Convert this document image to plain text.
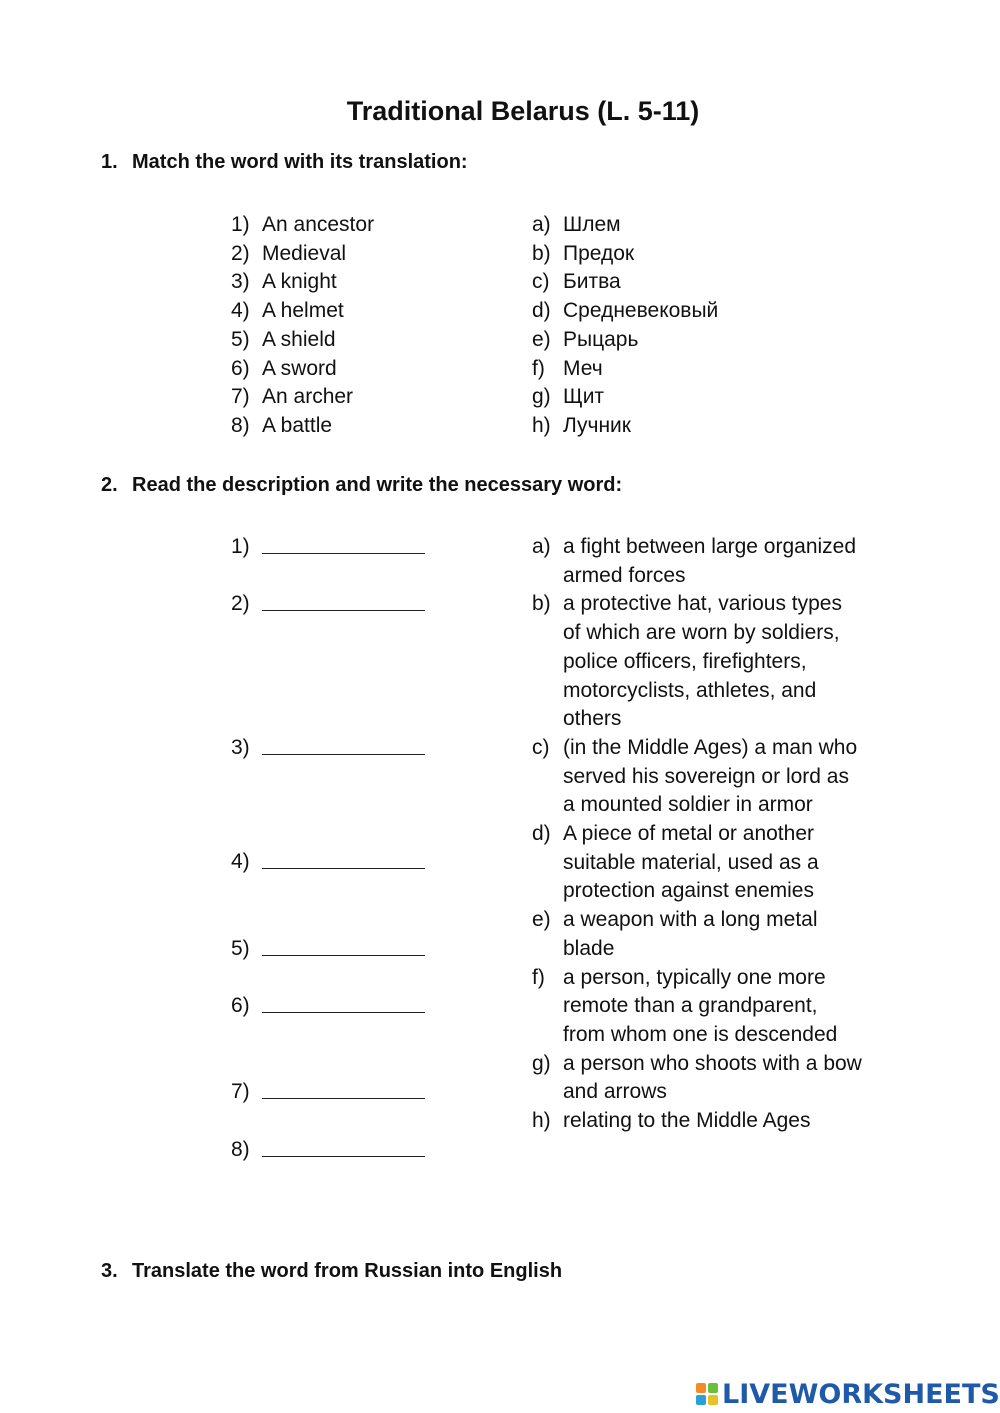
Traditional Belarus (L. 5-11)
1. Match the word with its translation:
1) An ancestor
2) Medieval
3) A knight
4) A helmet
5) A shield
6) A sword
7) An archer
8) A battle
a) Шлем
b) Предок
c) Битва
d) Средневековый
e) Рыцарь
f) Меч
g) Щит
h) Лучник
2. Read the description and write the necessary word:
1)
2)
3)
4)
5)
6)
7)
8)
a) a fight between large organized armed forces
b) a protective hat, various types of which are worn by soldiers, police officers, firefighters, motorcyclists, athletes, and others
c) (in the Middle Ages) a man who served his sovereign or lord as a mounted soldier in armor
d) A piece of metal or another suitable material, used as a protection against enemies
e) a weapon with a long metal blade
f) a person, typically one more remote than a grandparent, from whom one is descended
g) a person who shoots with a bow and arrows
h) relating to the Middle Ages
3. Translate the word from Russian into English
LIVEWORKSHEETS
